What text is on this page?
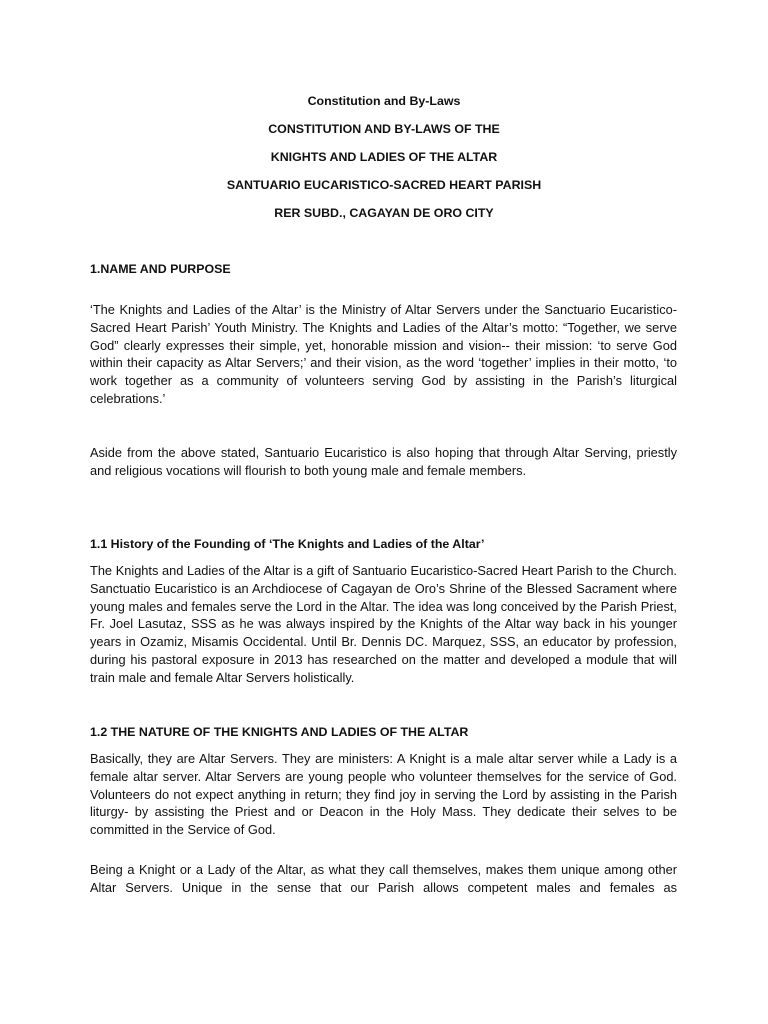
Constitution and By-Laws
CONSTITUTION AND BY-LAWS OF THE
KNIGHTS AND LADIES OF THE ALTAR
SANTUARIO EUCARISTICO-SACRED HEART PARISH
RER SUBD., CAGAYAN DE ORO CITY
1.NAME AND PURPOSE

‘The Knights and Ladies of the Altar’ is the Ministry of Altar Servers under the Sanctuario Eucaristico-Sacred Heart Parish’ Youth Ministry. The Knights and Ladies of the Altar’s motto: “Together, we serve God” clearly expresses their simple, yet, honorable mission and vision-- their mission: ‘to serve God within their capacity as Altar Servers;’ and their vision, as the word ‘together’ implies in their motto, ‘to work together as a community of volunteers serving God by assisting in the Parish’s liturgical celebrations.’

Aside from the above stated, Santuario Eucaristico is also hoping that through Altar Serving, priestly and religious vocations will flourish to both young male and female members.

1.1 History of the Founding of ‘The Knights and Ladies of the Altar’

The Knights and Ladies of the Altar is a gift of Santuario Eucaristico-Sacred Heart Parish to the Church. Sanctuatio Eucaristico is an Archdiocese of Cagayan de Oro’s Shrine of the Blessed Sacrament where young males and females serve the Lord in the Altar. The idea was long conceived by the Parish Priest, Fr. Joel Lasutaz, SSS as he was always inspired by the Knights of the Altar way back in his younger years in Ozamiz, Misamis Occidental. Until Br. Dennis DC. Marquez, SSS, an educator by profession, during his pastoral exposure in 2013 has researched on the matter and developed a module that will train male and female Altar Servers holistically.

1.2 THE NATURE OF THE KNIGHTS AND LADIES OF THE ALTAR

Basically, they are Altar Servers. They are ministers: A Knight is a male altar server while a Lady is a female altar server. Altar Servers are young people who volunteer themselves for the service of God. Volunteers do not expect anything in return; they find joy in serving the Lord by assisting in the Parish liturgy- by assisting the Priest and or Deacon in the Holy Mass. They dedicate their selves to be committed in the Service of God.

Being a Knight or a Lady of the Altar, as what they call themselves, makes them unique among other Altar Servers. Unique in the sense that our Parish allows competent males and females as
